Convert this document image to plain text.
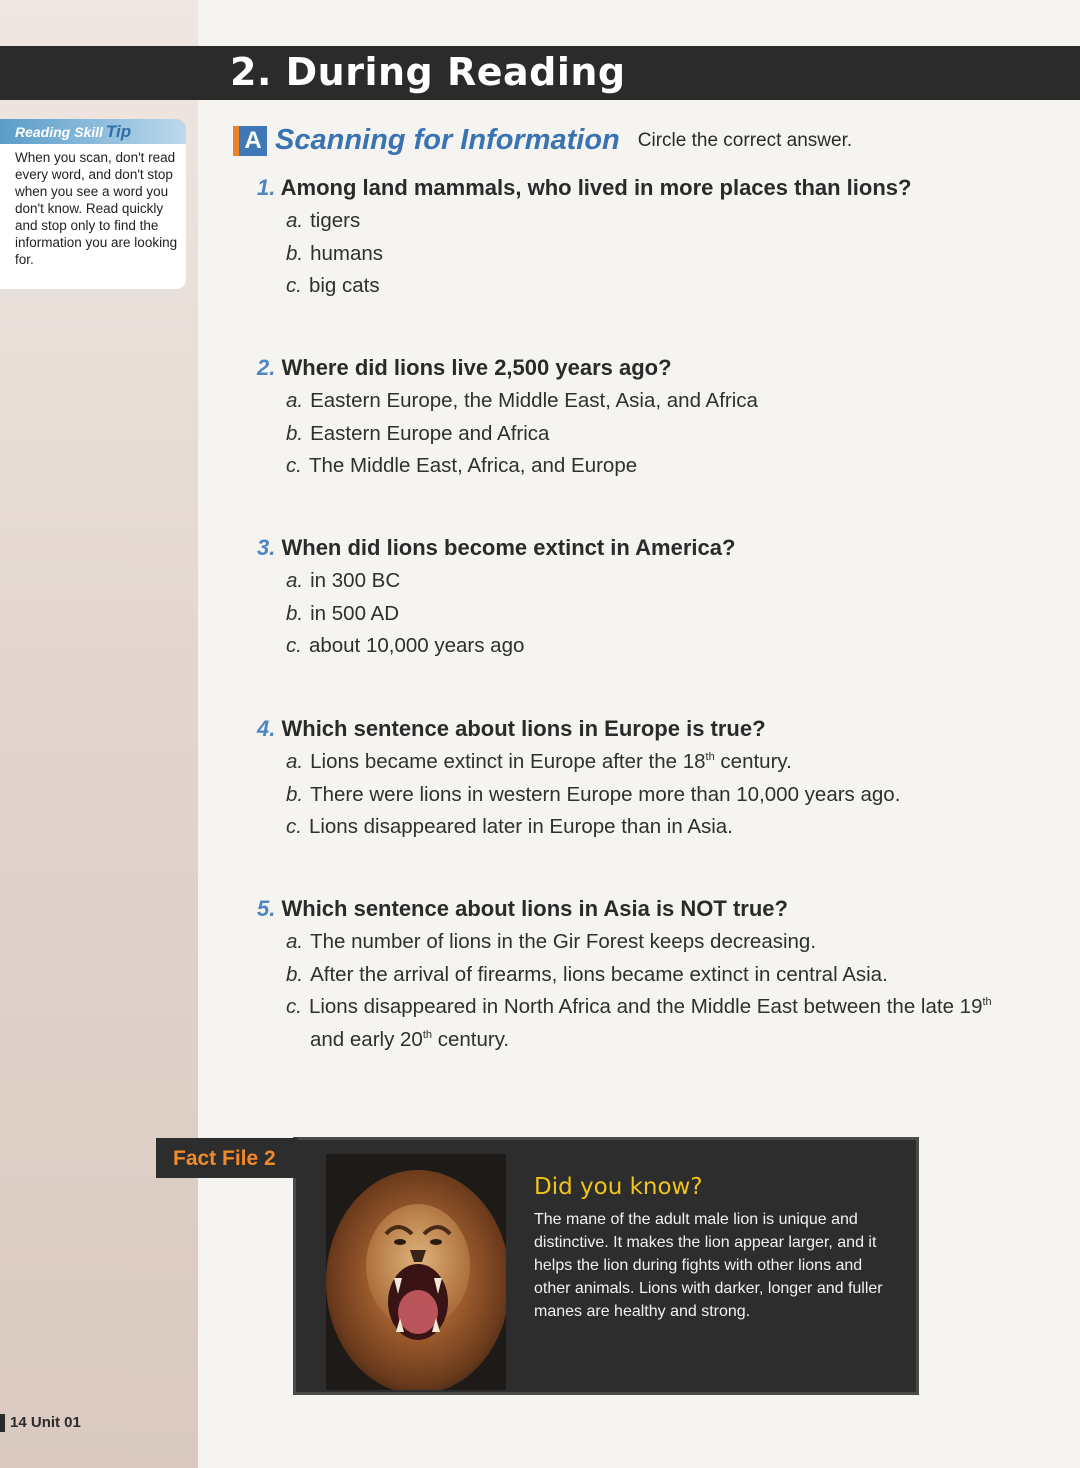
2. During Reading
Reading Skill Tip
When you scan, don't read every word, and don't stop when you see a word you don't know. Read quickly and stop only to find the information you are looking for.
A Scanning for Information Circle the correct answer.
1. Among land mammals, who lived in more places than lions?
a. tigers
b. humans
c. big cats
2. Where did lions live 2,500 years ago?
a. Eastern Europe, the Middle East, Asia, and Africa
b. Eastern Europe and Africa
c. The Middle East, Africa, and Europe
3. When did lions become extinct in America?
a. in 300 BC
b. in 500 AD
c. about 10,000 years ago
4. Which sentence about lions in Europe is true?
a. Lions became extinct in Europe after the 18th century.
b. There were lions in western Europe more than 10,000 years ago.
c. Lions disappeared later in Europe than in Asia.
5. Which sentence about lions in Asia is NOT true?
a. The number of lions in the Gir Forest keeps decreasing.
b. After the arrival of firearms, lions became extinct in central Asia.
c. Lions disappeared in North Africa and the Middle East between the late 19th and early 20th century.
Fact File 2
Did you know?
The mane of the adult male lion is unique and distinctive. It makes the lion appear larger, and it helps the lion during fights with other lions and other animals. Lions with darker, longer and fuller manes are healthy and strong.
14 Unit 01
